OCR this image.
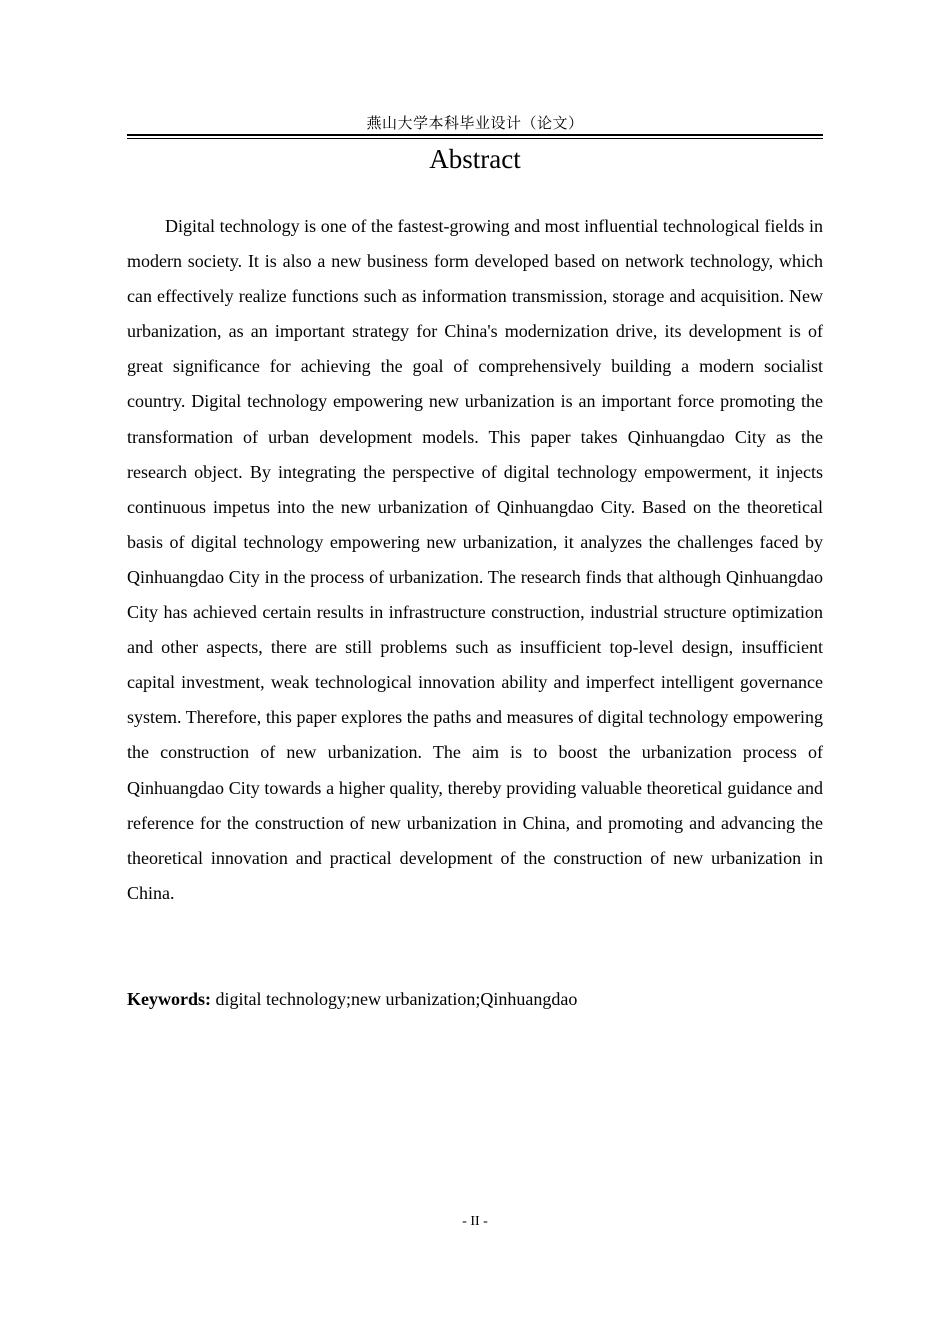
燕山大学本科毕业设计（论文）
Abstract

Digital technology is one of the fastest-growing and most influential technological fields in modern society. It is also a new business form developed based on network technology, which can effectively realize functions such as information transmission, storage and acquisition. New urbanization, as an important strategy for China's modernization drive, its development is of great significance for achieving the goal of comprehensively building a modern socialist country. Digital technology empowering new urbanization is an important force promoting the transformation of urban development models. This paper takes Qinhuangdao City as the research object. By integrating the perspective of digital technology empowerment, it injects continuous impetus into the new urbanization of Qinhuangdao City. Based on the theoretical basis of digital technology empowering new urbanization, it analyzes the challenges faced by Qinhuangdao City in the process of urbanization. The research finds that although Qinhuangdao City has achieved certain results in infrastructure construction, industrial structure optimization and other aspects, there are still problems such as insufficient top-level design, insufficient capital investment, weak technological innovation ability and imperfect intelligent governance system. Therefore, this paper explores the paths and measures of digital technology empowering the construction of new urbanization. The aim is to boost the urbanization process of Qinhuangdao City towards a higher quality, thereby providing valuable theoretical guidance and reference for the construction of new urbanization in China, and promoting and advancing the theoretical innovation and practical development of the construction of new urbanization in China.

Keywords: digital technology;new urbanization;Qinhuangdao

- II -
